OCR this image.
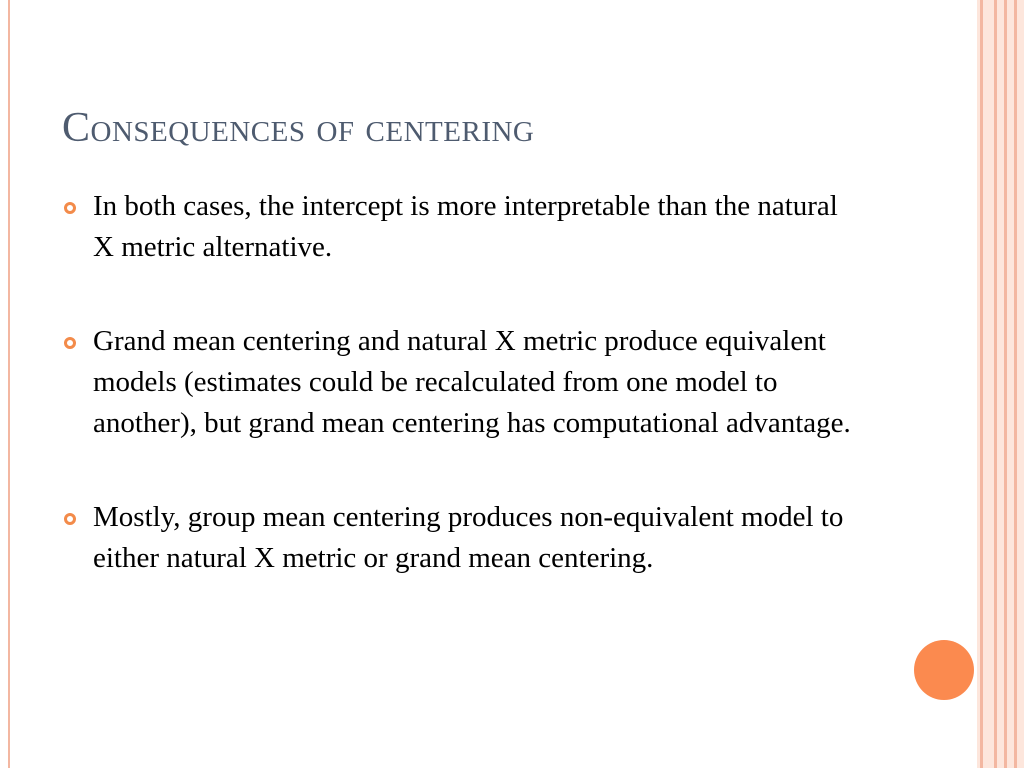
Consequences of centering
In both cases, the intercept is more interpretable than the natural X metric alternative.
Grand mean centering and natural X metric produce equivalent models (estimates could be recalculated from one model to another), but grand mean centering has computational advantage.
Mostly, group mean centering produces non-equivalent model to either natural X metric or grand mean centering.
